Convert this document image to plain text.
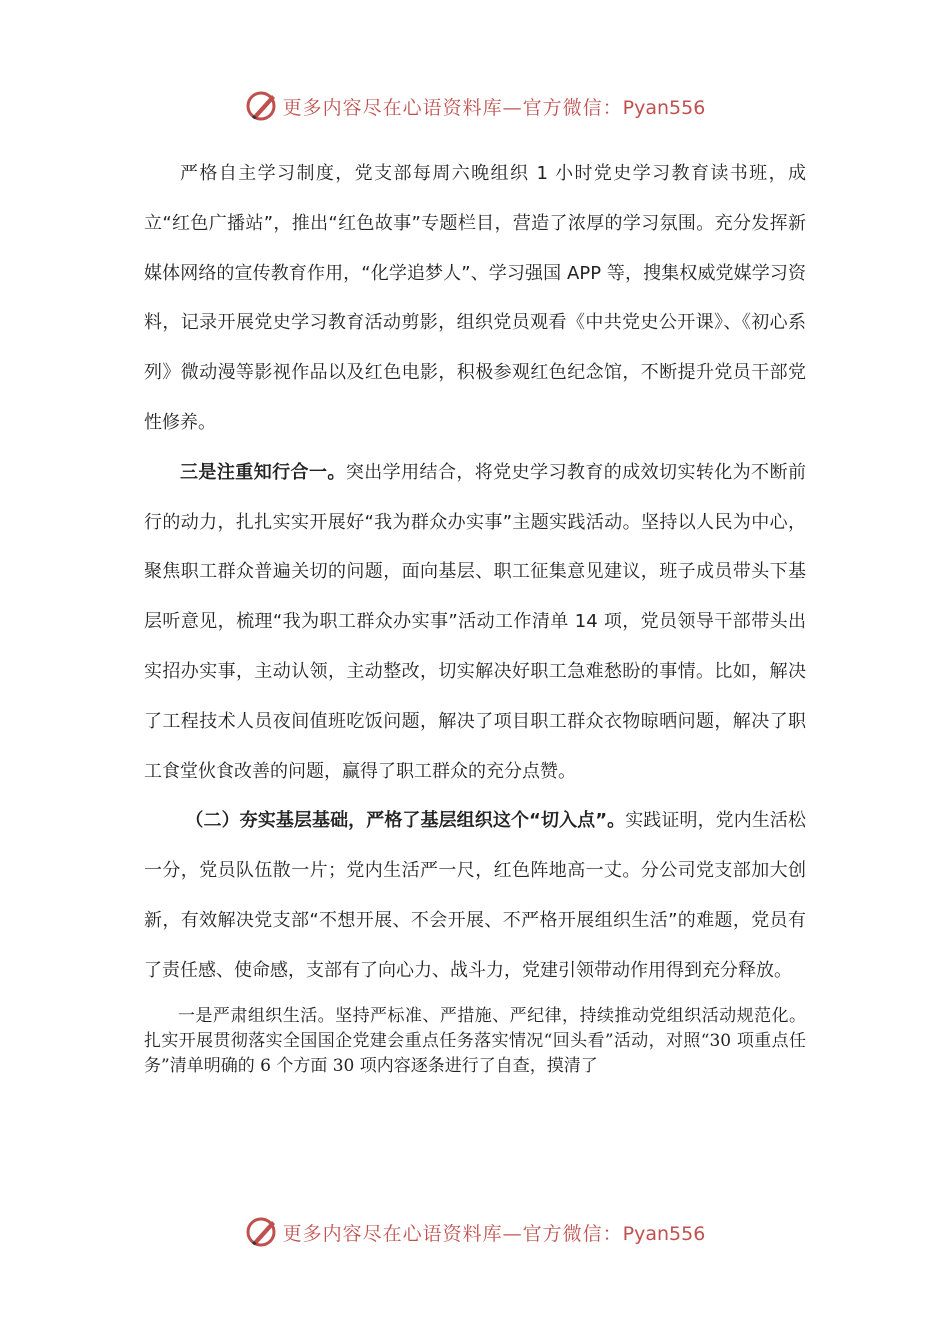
更多内容尽在心语资料库—官方微信：Pyan556

严格自主学习制度，党支部每周六晚组织 1 小时党史学习教育读书班，成立“红色广播站”，推出“红色故事”专题栏目，营造了浓厚的学习氛围。充分发挥新媒体网络的宣传教育作用，“化学追梦人”、学习强国 APP 等，搜集权威党媒学习资料，记录开展党史学习教育活动剪影，组织党员观看《中共党史公开课》、《初心系列》微动漫等影视作品以及红色电影，积极参观红色纪念馆，不断提升党员干部党性修养。

三是注重知行合一。突出学用结合，将党史学习教育的成效切实转化为不断前行的动力，扎扎实实开展好“我为群众办实事”主题实践活动。坚持以人民为中心，聚焦职工群众普遍关切的问题，面向基层、职工征集意见建议，班子成员带头下基层听意见，梳理“我为职工群众办实事”活动工作清单 14 项，党员领导干部带头出实招办实事，主动认领，主动整改，切实解决好职工急难愁盼的事情。比如，解决了工程技术人员夜间值班吃饭问题，解决了项目职工群众衣物晾晒问题，解决了职工食堂伙食改善的问题，赢得了职工群众的充分点赞。

（二）夯实基层基础，严格了基层组织这个“切入点”。实践证明，党内生活松一分，党员队伍散一片；党内生活严一尺，红色阵地高一丈。分公司党支部加大创新，有效解决党支部“不想开展、不会开展、不严格开展组织生活”的难题，党员有了责任感、使命感，支部有了向心力、战斗力，党建引领带动作用得到充分释放。

一是严肃组织生活。坚持严标准、严措施、严纪律，持续推动党组织活动规范化。扎实开展贯彻落实全国国企党建会重点任务落实情况“回头看”活动，对照“30 项重点任务”清单明确的 6 个方面 30 项内容逐条进行了自查，摸清了

更多内容尽在心语资料库—官方微信：Pyan556
